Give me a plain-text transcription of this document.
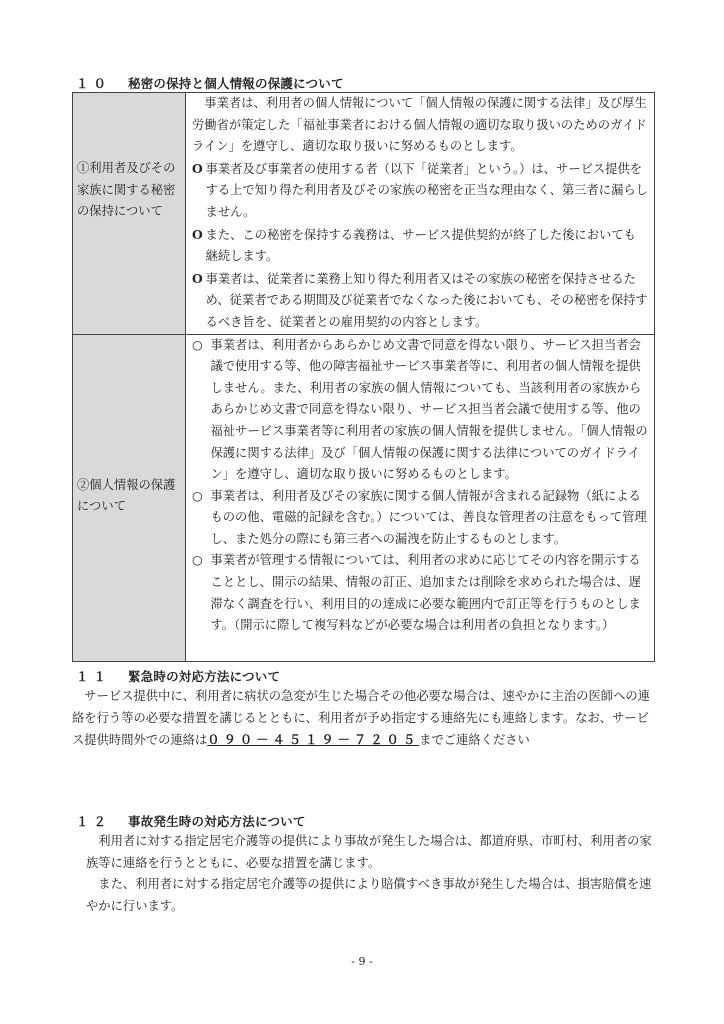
１０ 秘密の保持と個人情報の保護について
①利用者及びその家族に関する秘密の保持について	事業者は、利用者の個人情報について「個人情報の保護に関する法律」及び厚生労働省が策定した「福祉事業者における個人情報の適切な取り扱いのためのガイドライン」を遵守し、適切な取り扱いに努めるものとします。

O 事業者及び事業者の使用する者（以下「従業者」という。）は、サービス提供をする上で知り得た利用者及びその家族の秘密を正当な理由なく、第三者に漏らしません。

O また、この秘密を保持する義務は、サービス提供契約が終了した後においても継続します。

O 事業者は、従業者に業務上知り得た利用者又はその家族の秘密を保持させるため、従業者である期間及び従業者でなくなった後においても、その秘密を保持するべき旨を、従業者との雇用契約の内容とします。

②個人情報の保護について	○ 事業者は、利用者からあらかじめ文書で同意を得ない限り、サービス担当者会議で使用する等、他の障害福祉サービス事業者等に、利用者の個人情報を提供しません。また、利用者の家族の個人情報についても、当該利用者の家族からあらかじめ文書で同意を得ない限り、サービス担当者会議で使用する等、他の福祉サービス事業者等に利用者の家族の個人情報を提供しません。「個人情報の保護に関する法律」及び「個人情報の保護に関する法律についてのガイドライン」を遵守し、適切な取り扱いに努めるものとします。

○ 事業者は、利用者及びその家族に関する個人情報が含まれる記録物（紙によるものの他、電磁的記録を含む。）については、善良な管理者の注意をもって管理し、また処分の際にも第三者への漏洩を防止するものとします。

○ 事業者が管理する情報については、利用者の求めに応じてその内容を開示することとし、開示の結果、情報の訂正、追加または削除を求められた場合は、遅滞なく調査を行い、利用目的の達成に必要な範囲内で訂正等を行うものとします。（開示に際して複写料などが必要な場合は利用者の負担となります。）

１１ 緊急時の対応方法について
サービス提供中に、利用者に病状の急変が生じた場合その他必要な場合は、速やかに主治の医師への連絡を行う等の必要な措置を講じるとともに、利用者が予め指定する連絡先にも連絡します。なお、サービス提供時間外での連絡は０９０－４５１９－７２０５までご連絡ください
１２ 事故発生時の対応方法について
利用者に対する指定居宅介護等の提供により事故が発生した場合は、都道府県、市町村、利用者の家族等に連絡を行うとともに、必要な措置を講じます。
また、利用者に対する指定居宅介護等の提供により賠償すべき事故が発生した場合は、損害賠償を速やかに行います。
- 9 -
